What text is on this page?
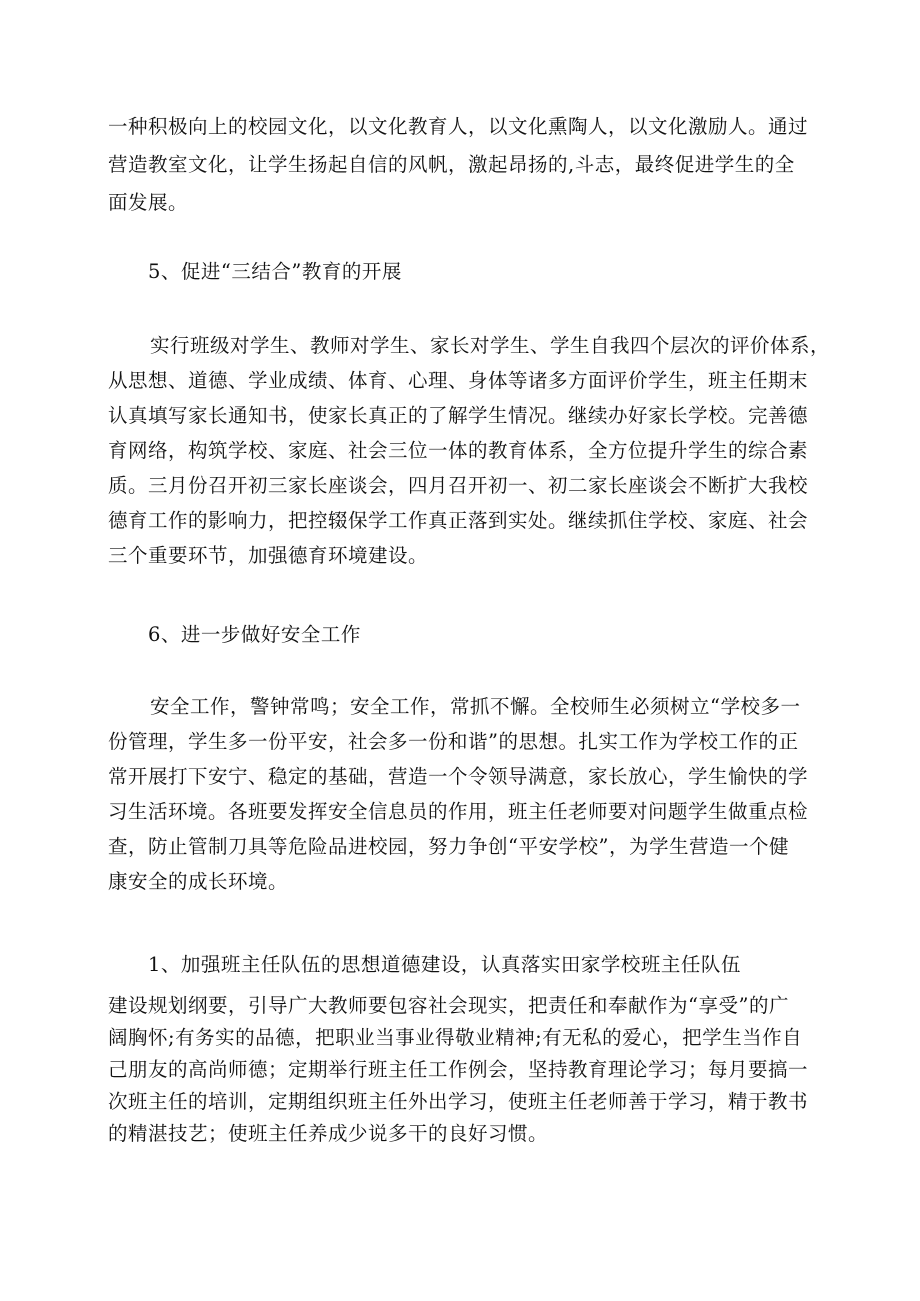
一种积极向上的校园文化，以文化教育人，以文化熏陶人，以文化激励人。通过
营造教室文化，让学生扬起自信的风帆，激起昂扬的,斗志，最终促进学生的全
面发展。
5、促进“三结合”教育的开展
实行班级对学生、教师对学生、家长对学生、学生自我四个层次的评价体系，
从思想、道德、学业成绩、体育、心理、身体等诸多方面评价学生，班主任期末
认真填写家长通知书，使家长真正的了解学生情况。继续办好家长学校。完善德
育网络，构筑学校、家庭、社会三位一体的教育体系，全方位提升学生的综合素
质。三月份召开初三家长座谈会，四月召开初一、初二家长座谈会不断扩大我校
德育工作的影响力，把控辍保学工作真正落到实处。继续抓住学校、家庭、社会
三个重要环节，加强德育环境建设。
6、进一步做好安全工作
安全工作，警钟常鸣；安全工作，常抓不懈。全校师生必须树立“学校多一
份管理，学生多一份平安，社会多一份和谐”的思想。扎实工作为学校工作的正
常开展打下安宁、稳定的基础，营造一个令领导满意，家长放心，学生愉快的学
习生活环境。各班要发挥安全信息员的作用，班主任老师要对问题学生做重点检
查，防止管制刀具等危险品进校园，努力争创“平安学校”，为学生营造一个健
康安全的成长环境。
1、加强班主任队伍的思想道德建设，认真落实田家学校班主任队伍
建设规划纲要，引导广大教师要包容社会现实，把责任和奉献作为“享受”的广
阔胸怀;有务实的品德，把职业当事业得敬业精神;有无私的爱心，把学生当作自
己朋友的高尚师德；定期举行班主任工作例会，坚持教育理论学习；每月要搞一
次班主任的培训，定期组织班主任外出学习，使班主任老师善于学习，精于教书
的精湛技艺；使班主任养成少说多干的良好习惯。
